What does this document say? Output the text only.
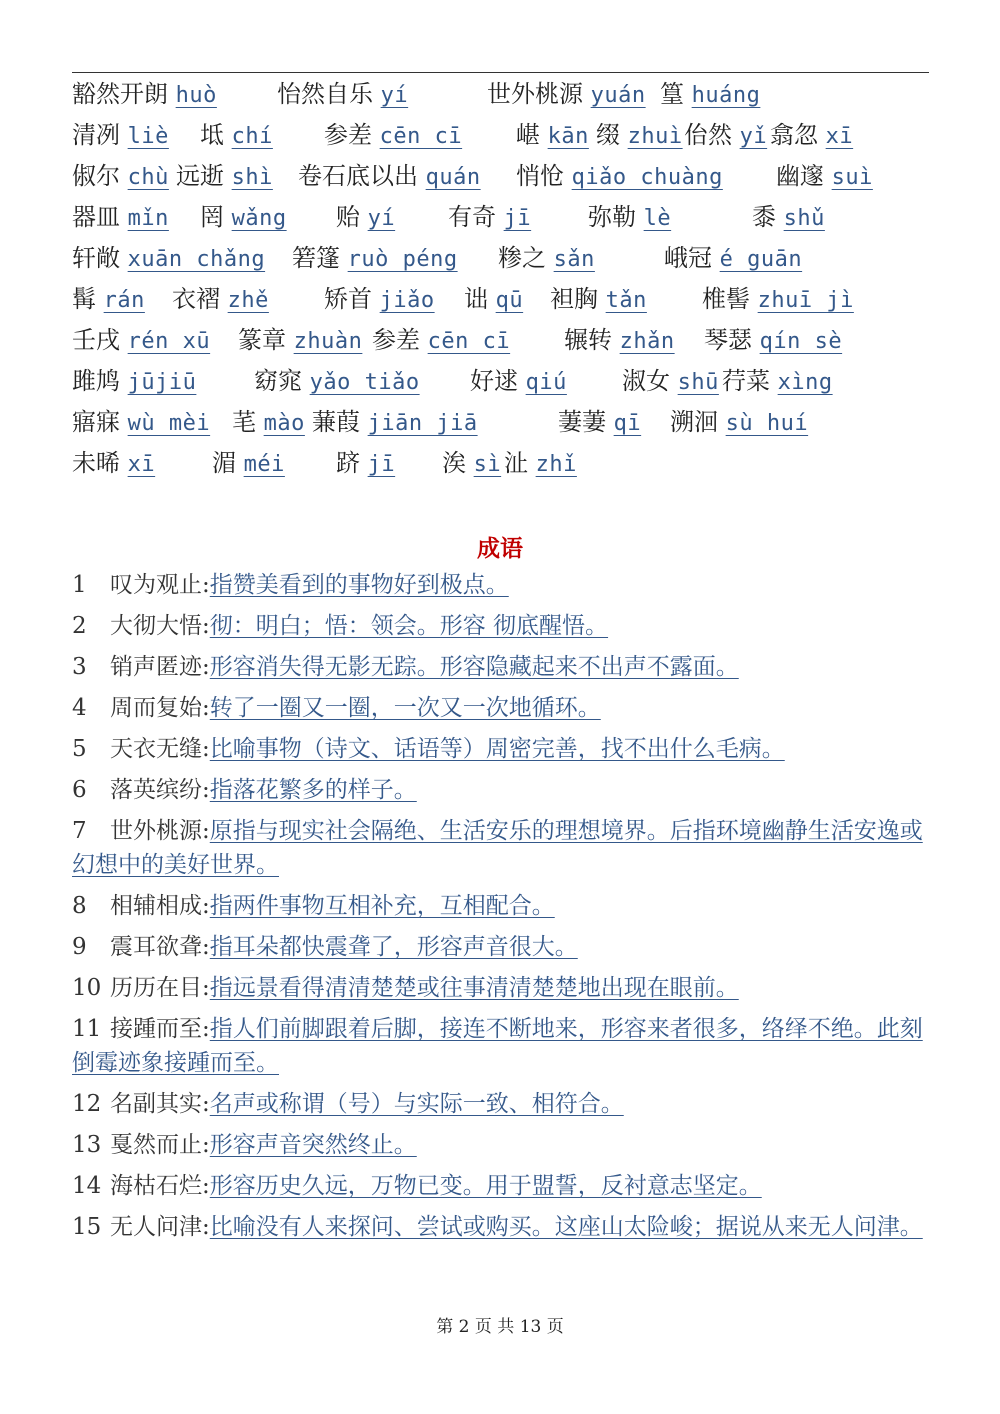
豁然开朗 huò	怡然自乐 yí	世外桃源 yuán 篁 huáng
清冽 liè 坻 chí 参差 cēn cī 嵁 kān 缀 zhuì 佁然 yǐ 翕忽 xī
俶尔 chù 远逝 shì 卷石底以出 quán 悄怆 qiǎo chuàng 幽邃 suì
器皿 mǐn 罔 wǎng 贻 yí 有奇 jī 弥勒 lè	黍 shǔ
轩敞 xuān chǎng 箬篷 ruò péng 糁之 sǎn	峨冠 é guān
髯 rán 衣褶 zhě 矫首 jiǎo 诎 qū 袒胸 tǎn 椎髻 zhuī jì
壬戌 rén xū 篆章 zhuàn 参差 cēn cī 辗转 zhǎn 琴瑟 qín sè
雎鸠 jūjiū 窈窕 yǎo tiǎo 好逑 qiú 淑女 shū 荇菜 xìng
寤寐 wù mèi 芼 mào 蒹葭 jiān jiā	萋萋 qī 溯洄 sù huí
未晞 xī 湄 méi 跻 jī 涘 sì 沚 zhǐ
成语
1 叹为观止:指赞美看到的事物好到极点。
2 大彻大悟:彻：明白；悟：领会。形容 彻底醒悟。
3 销声匿迹:形容消失得无影无踪。形容隐藏起来不出声不露面。
4 周而复始:转了一圈又一圈，一次又一次地循环。
5 天衣无缝:比喻事物（诗文、话语等）周密完善，找不出什么毛病。
6 落英缤纷:指落花繁多的样子。
7 世外桃源:原指与现实社会隔绝、生活安乐的理想境界。后指环境幽静生活安逸或幻想中的美好世界。
8 相辅相成:指两件事物互相补充，互相配合。
9 震耳欲聋:指耳朵都快震聋了，形容声音很大。
10 历历在目:指远景看得清清楚楚或往事清清楚楚地出现在眼前。
11 接踵而至:指人们前脚跟着后脚，接连不断地来，形容来者很多，络绎不绝。此刻倒霉迹象接踵而至。
12 名副其实:名声或称谓（号）与实际一致、相符合。
13 戛然而止:形容声音突然终止。
14 海枯石烂:形容历史久远，万物已变。用于盟誓，反衬意志坚定。
15 无人问津:比喻没有人来探问、尝试或购买。这座山太险峻；据说从来无人问津。
第 2 页 共 13 页
